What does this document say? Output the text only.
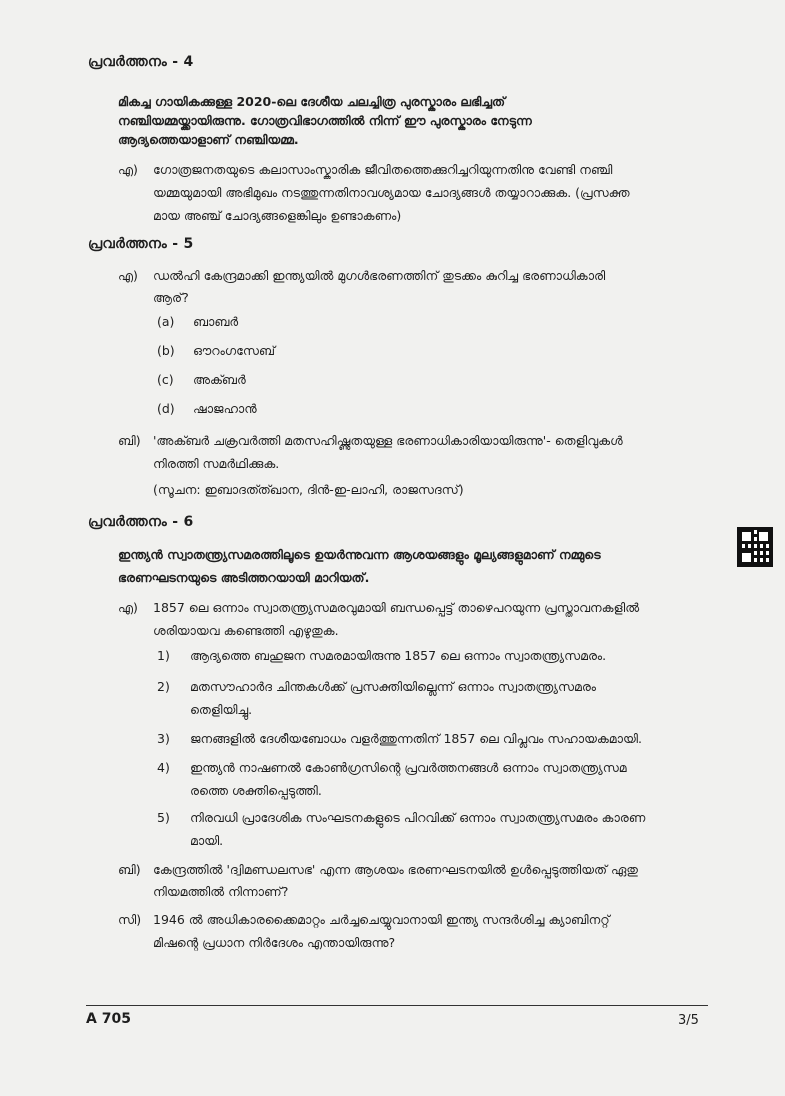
പ്രവർത്തനം - 4
മികച്ച ഗായികക്കുള്ള 2020-ലെ ദേശീയ ചലച്ചിത്ര പുരസ്കാരം ലഭിച്ചത്
നഞ്ചിയമ്മയ്ക്കായിരുന്നു. ഗോത്രവിഭാഗത്തിൽ നിന്ന് ഈ പുരസ്കാരം നേടുന്ന
ആദ്യത്തെയാളാണ് നഞ്ചിയമ്മ.
എ) ഗോത്രജനതയുടെ കലാസാംസ്കാരിക ജീവിതത്തെക്കുറിച്ചറിയുന്നതിനു വേണ്ടി നഞ്ചി
യമ്മയുമായി അഭിമുഖം നടത്തുന്നതിനാവശ്യമായ ചോദ്യങ്ങൾ തയ്യാറാക്കുക. (പ്രസക്ത
മായ അഞ്ച് ചോദ്യങ്ങളെങ്കിലും ഉണ്ടാകണം)
പ്രവർത്തനം - 5
എ) ഡൽഹി കേന്ദ്രമാക്കി ഇന്ത്യയിൽ മുഗൾഭരണത്തിന് തുടക്കം കുറിച്ച ഭരണാധികാരി
ആര്?
(a) ബാബർ
(b) ഔറംഗസേബ്
(c) അക്ബർ
(d) ഷാജഹാൻ
ബി) 'അക്ബർ ചക്രവർത്തി മതസഹിഷ്ണുതയുള്ള ഭരണാധികാരിയായിരുന്നു'- തെളിവുകൾ
നിരത്തി സമർഥിക്കുക.
(സൂചന: ഇബാദത്ത്ഖാന, ദിൻ-ഇ-ലാഹി, രാജസദസ്)
പ്രവർത്തനം - 6
ഇന്ത്യൻ സ്വാതന്ത്ര്യസമരത്തിലൂടെ ഉയർന്നുവന്ന ആശയങ്ങളും മൂല്യങ്ങളുമാണ് നമ്മുടെ
ഭരണഘടനയുടെ അടിത്തറയായി മാറിയത്.
എ) 1857 ലെ ഒന്നാം സ്വാതന്ത്ര്യസമരവുമായി ബന്ധപ്പെട്ട് താഴെപറയുന്ന പ്രസ്താവനകളിൽ
ശരിയായവ കണ്ടെത്തി എഴുതുക.
1) ആദ്യത്തെ ബഹുജന സമരമായിരുന്നു 1857 ലെ ഒന്നാം സ്വാതന്ത്ര്യസമരം.
2) മതസൗഹാർദ ചിന്തകൾക്ക് പ്രസക്തിയില്ലെന്ന് ഒന്നാം സ്വാതന്ത്ര്യസമരം
തെളിയിച്ചു.
3) ജനങ്ങളിൽ ദേശീയബോധം വളർത്തുന്നതിന് 1857 ലെ വിപ്ലവം സഹായകമായി.
4) ഇന്ത്യൻ നാഷണൽ കോൺഗ്രസിന്റെ പ്രവർത്തനങ്ങൾ ഒന്നാം സ്വാതന്ത്ര്യസമ
രത്തെ ശക്തിപ്പെടുത്തി.
5) നിരവധി പ്രാദേശിക സംഘടനകളുടെ പിറവിക്ക് ഒന്നാം സ്വാതന്ത്ര്യസമരം കാരണ
മായി.
ബി) കേന്ദ്രത്തിൽ 'ദ്വിമണ്ഡലസഭ' എന്ന ആശയം ഭരണഘടനയിൽ ഉൾപ്പെടുത്തിയത് ഏതു
നിയമത്തിൽ നിന്നാണ്?
സി) 1946 ൽ അധികാരക്കൈമാറ്റം ചർച്ചചെയ്യുവാനായി ഇന്ത്യ സന്ദർശിച്ച ക്യാബിനറ്റ്
മിഷന്റെ പ്രധാന നിർദേശം എന്തായിരുന്നു?
A 705	3/5
